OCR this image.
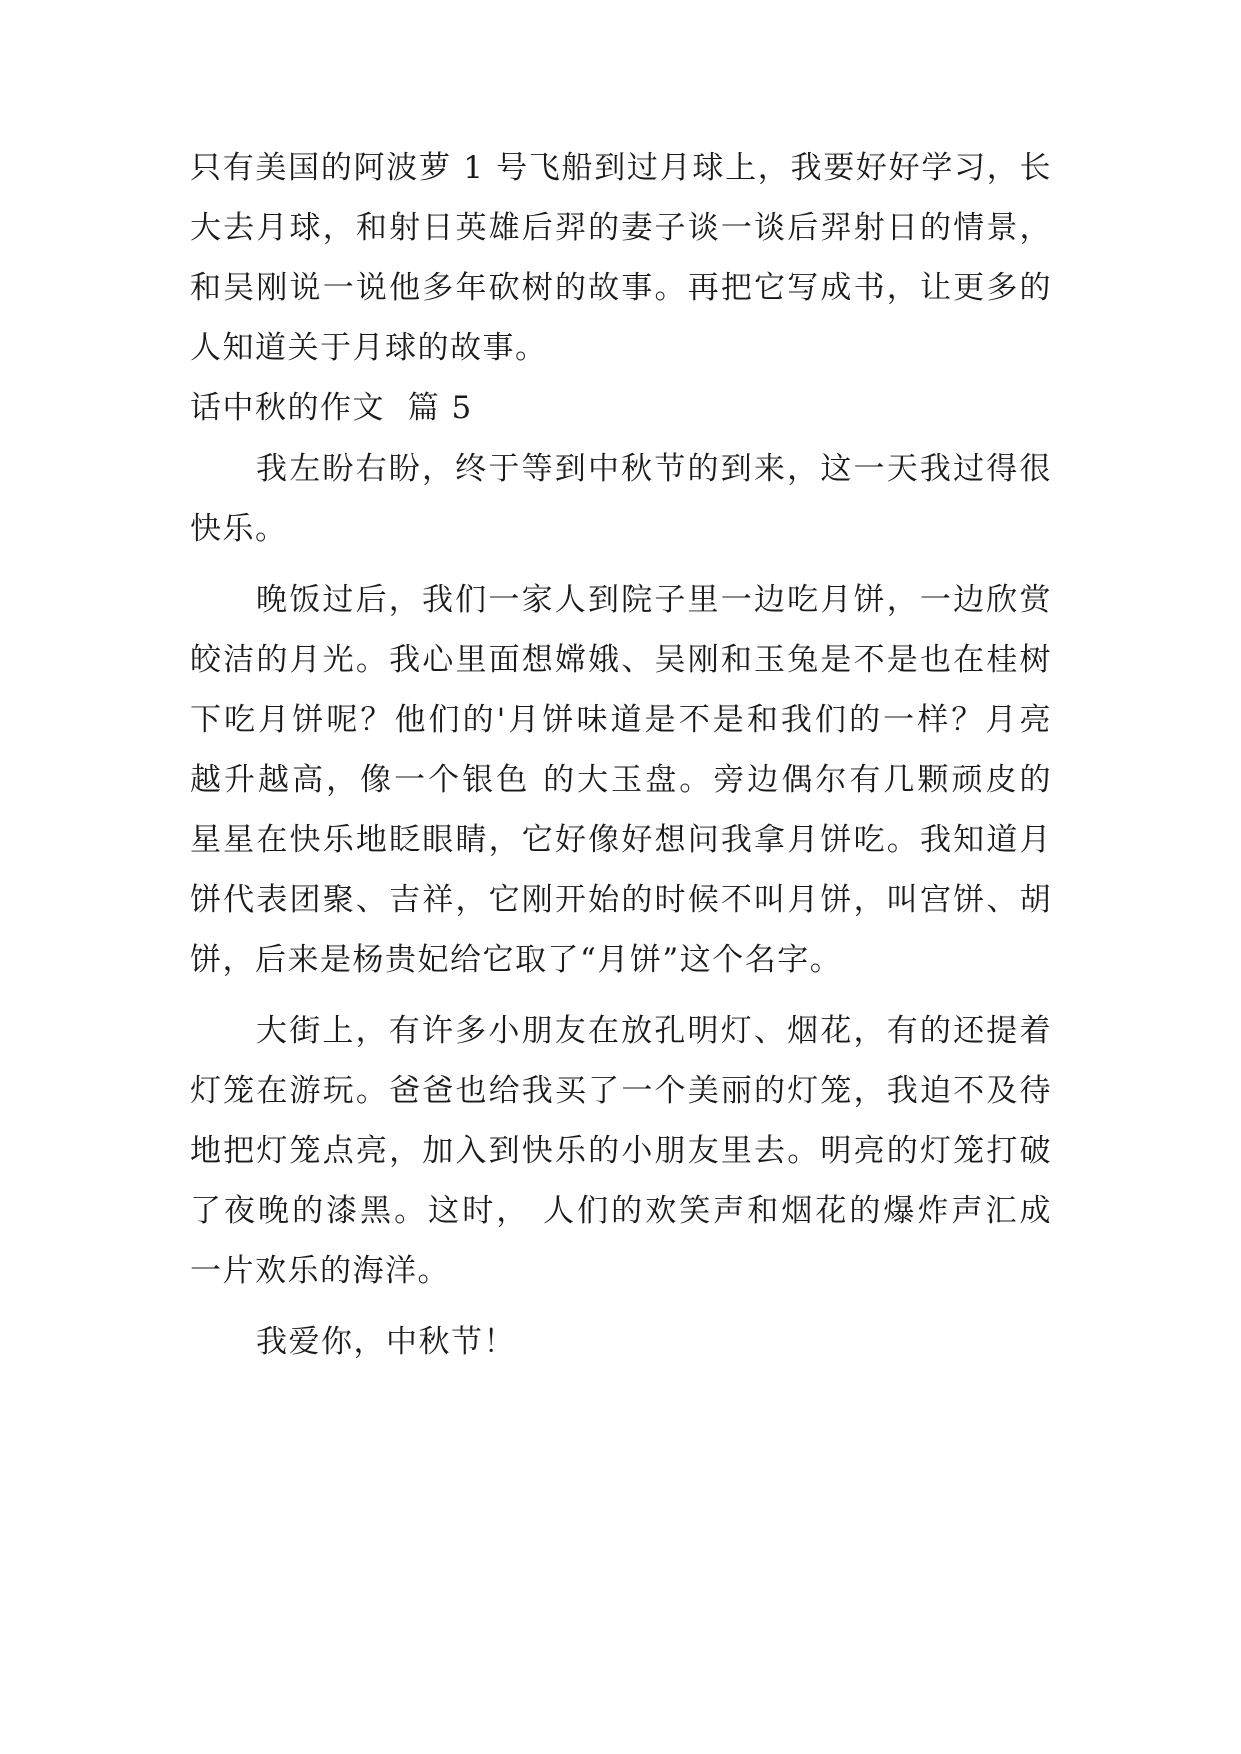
只有美国的阿波萝 1 号飞船到过月球上，我要好好学习，长
大去月球，和射日英雄后羿的妻子谈一谈后羿射日的情景，
和吴刚说一说他多年砍树的故事。再把它写成书，让更多的
人知道关于月球的故事。
话中秋的作文  篇 5
我左盼右盼，终于等到中秋节的到来，这一天我过得很
快乐。
晚饭过后，我们一家人到院子里一边吃月饼，一边欣赏
皎洁的月光。我心里面想嫦娥、吴刚和玉兔是不是也在桂树
下吃月饼呢？他们的'月饼味道是不是和我们的一样？月亮
越升越高，像一个银色 的大玉盘。旁边偶尔有几颗顽皮的
星星在快乐地眨眼睛，它好像好想问我拿月饼吃。我知道月
饼代表团聚、吉祥，它刚开始的时候不叫月饼，叫宫饼、胡
饼，后来是杨贵妃给它取了“月饼”这个名字。
大街上，有许多小朋友在放孔明灯、烟花，有的还提着
灯笼在游玩。爸爸也给我买了一个美丽的灯笼，我迫不及待
地把灯笼点亮，加入到快乐的小朋友里去。明亮的灯笼打破
了夜晚的漆黑。这时， 人们的欢笑声和烟花的爆炸声汇成
一片欢乐的海洋。
我爱你，中秋节！
